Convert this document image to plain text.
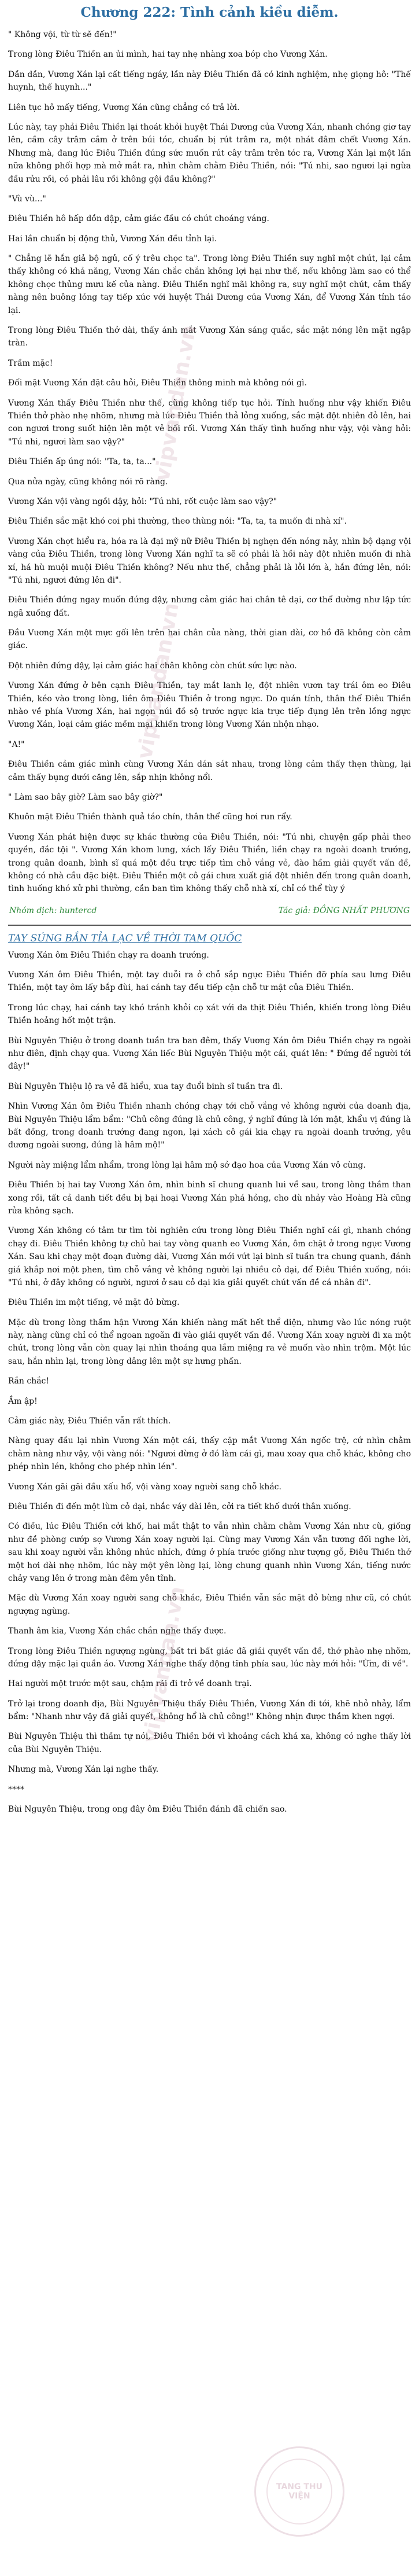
vipvandan.vn
vipvandan.vn
vipvandan.vn
TANG THU VIỆN
Chương 222: Tình cảnh kiều diễm.

" Không vội, từ từ sẽ đến!"

Trong lòng Điêu Thiền an ủi mình, hai tay nhẹ nhàng xoa bóp cho Vương Xán.

Dần dần, Vương Xán lại cất tiếng ngáy, lần này Điêu Thiền đã có kinh nghiệm, nhẹ giọng hô: "Thế huynh, thế huynh..."

Liên tục hô mấy tiếng, Vương Xán cũng chẳng có trả lời.

Lúc này, tay phải Điêu Thiền lại thoát khỏi huyệt Thái Dương của Vương Xán, nhanh chóng giơ tay lên, cầm cây trâm cắm ở trên búi tóc, chuẩn bị rút trâm ra, một nhát đâm chết Vương Xán. Nhưng mà, đang lúc Điêu Thiền đúng sức muốn rút cây trâm trên tóc ra, Vương Xán lại một lần nữa không phối hợp mà mở mắt ra, nhìn chằm chằm Điêu Thiền, nói: "Tú nhi, sao ngươi lại ngừa đầu rửu rồi, có phải lâu rồi không gội đầu không?"

"Vù vù..."

Điêu Thiền hô hấp dồn dập, cảm giác đầu có chút choáng váng.

Hai lần chuẩn bị động thủ, Vương Xán đều tỉnh lại.

" Chẳng lẽ hắn giả bộ ngủ, cố ý trêu chọc ta". Trong lòng Điêu Thiền suy nghĩ một chút, lại cảm thấy không có khả năng, Vương Xán chắc chắn không lợi hại như thế, nếu không làm sao có thể không chọc thủng mưu kế của nàng. Điêu Thiền nghĩ mãi không ra, suy nghĩ một chút, cảm thấy nàng nên buông lỏng tay tiếp xúc với huyệt Thái Dương của Vương Xán, để Vương Xán tỉnh táo lại.

Trong lòng Điêu Thiền thở dài, thấy ánh mắt Vương Xán sáng quắc, sắc mặt nóng lên mặt ngập tràn.

Trầm mặc!

Đối mặt Vương Xán đặt câu hỏi, Điêu Thiền thông minh mà không nói gì.

Vương Xán thấy Điêu Thiền như thế, cũng không tiếp tục hỏi. Tính huống như vậy khiến Điêu Thiền thở phào nhẹ nhõm, nhưng mà lúc Điêu Thiền thả lỏng xuống, sắc mặt đột nhiên đỏ lên, hai con ngươi trong suốt hiện lên một vẻ bối rối. Vương Xán thấy tình huống như vậy, vội vàng hỏi: "Tú nhi, ngươi làm sao vậy?"

Điêu Thiền ấp úng nói: "Ta, ta, ta..."

Qua nửa ngày, cũng không nói rõ ràng.

Vương Xán vội vàng ngồi dậy, hỏi: "Tú nhi, rốt cuộc làm sao vậy?"

Điêu Thiền sắc mặt khó coi phi thường, theo thùng nói: "Ta, ta, ta muốn đi nhà xí".

Vương Xán chợt hiểu ra, hóa ra là đại mỹ nữ Điêu Thiền bị nghẹn đến nóng nảy, nhìn bộ dạng vội vàng của Điêu Thiền, trong lòng Vương Xán nghĩ ta sẽ có phải là hồi này đột nhiên muốn đi nhà xí, há hù muội muội Điêu Thiền không? Nếu như thế, chẳng phải là lỗi lớn à, hắn đứng lên, nói: "Tú nhi, ngươi đứng lên đi".

Điêu Thiền đứng ngay muốn đứng dậy, nhưng cảm giác hai chân tê dại, cơ thể dường như lập tức ngã xuống đất.

Đầu Vương Xán một mực gối lên trên hai chân của nàng, thời gian dài, cơ hồ đã không còn cảm giác.

Đột nhiên đứng dậy, lại cảm giác hai chân không còn chút sức lực nào.

Vương Xán đứng ở bên cạnh Điêu Thiền, tay mắt lanh lẹ, đột nhiên vươn tay trái ôm eo Điêu Thiền, kéo vào trong lòng, liền ôm Điêu Thiền ở trong ngực. Do quán tính, thân thể Điêu Thiền nhào về phía Vương Xán, hai ngọn núi đồ sộ trước ngực kia trực tiếp đụng lên trên lồng ngực Vương Xán, loại cảm giác mềm mại khiến trong lòng Vương Xán nhộn nhạo.

"A!"

Điêu Thiền cảm giác mình cùng Vương Xán dán sát nhau, trong lòng cảm thấy thẹn thùng, lại cảm thấy bụng dưới căng lên, sắp nhịn không nổi.

" Làm sao bây giờ? Làm sao bây giờ?"

Khuôn mặt Điêu Thiền thành quả táo chín, thân thể cũng hơi run rẩy.

Vương Xán phát hiện được sự khác thường của Điêu Thiền, nói: "Tú nhi, chuyện gấp phải theo quyền, đắc tội ". Vương Xán khom lưng, xách lấy Điêu Thiền, liền chạy ra ngoài doanh trướng, trong quân doanh, bình sĩ quá một đều trực tiếp tìm chỗ vắng vẻ, đào hầm giải quyết vấn đề, không có nhà cầu đặc biệt. Điêu Thiền một cô gái chưa xuất giá đột nhiên đến trong quân doanh, tình huống khó xử phi thường, cần ban tìm không thấy chỗ nhà xí, chỉ có thể tùy ý

Nhóm dịch: huntercd	Tác giả: ĐỒNG NHẤT PHƯƠNG
TAY SÚNG BẮN TỈA LẠC VỀ THỜI TAM QUỐC

Vương Xán ôm Điêu Thiền chạy ra doanh trướng.

Vương Xán ôm Điêu Thiền, một tay duỗi ra ở chỗ sắp ngực Điêu Thiền đỡ phía sau lưng Điêu Thiền, một tay ôm lấy bắp đùi, hai cánh tay đều tiếp cận chỗ tư mật của Điêu Thiền.

Trong lúc chạy, hai cánh tay khó tránh khỏi cọ xát với da thịt Điêu Thiền, khiến trong lòng Điêu Thiền hoảng hốt một trận.

Bùi Nguyên Thiệu ở trong doanh tuần tra ban đêm, thấy Vương Xán ôm Điêu Thiền chạy ra ngoài như điên, định chạy qua. Vương Xán liếc Bùi Nguyên Thiệu một cái, quát lên: " Đứng để người tới đây!"

Bùi Nguyên Thiệu lộ ra vẻ đã hiểu, xua tay đuổi binh sĩ tuần tra đi.

Nhìn Vương Xán ôm Điêu Thiền nhanh chóng chạy tới chỗ vắng vẻ không người của doanh địa, Bùi Nguyên Thiệu lẩm bẩm: "Chủ công đúng là chủ công, ý nghĩ đúng là lớn mật, khẩu vị đúng là bất đồng, trong doanh trướng đang ngon, lại xách cô gái kia chạy ra ngoài doanh trướng, yêu đương ngoài sương, đúng là hâm mộ!"

Người này miệng lẩm nhẩm, trong lòng lại hâm mộ sở đạo hoa của Vương Xán vô cùng.

Điêu Thiền bị hai tay Vương Xán ôm, nhìn binh sĩ chung quanh lui về sau, trong lòng thầm than xong rồi, tất cả danh tiết đều bị bại hoại Vương Xán phá hỏng, cho dù nhảy vào Hoàng Hà cũng rửa không sạch.

Vương Xán không có tâm tư tìm tòi nghiên cứu trong lòng Điêu Thiền nghĩ cái gì, nhanh chóng chạy đi. Điêu Thiền không tự chủ hai tay vòng quanh eo Vương Xán, ôm chặt ở trong ngực Vương Xán. Sau khi chạy một đoạn đường dài, Vương Xán mới vứt lại binh sĩ tuần tra chung quanh, đánh giá khắp nơi một phen, tìm chỗ vắng vẻ không người lại nhiều cỏ dại, để Điêu Thiền xuống, nói: "Tú nhi, ở đây không có người, ngươi ở sau cỏ dại kia giải quyết chút vấn đề cá nhân đi".

Điêu Thiền im một tiếng, vẻ mặt đỏ bừng.

Mặc dù trong lòng thầm hận Vương Xán khiến nàng mất hết thể diện, nhưng vào lúc nóng ruột này, nàng cũng chỉ có thể ngoan ngoãn đi vào giải quyết vấn đề. Vương Xán xoay người đi xa một chút, trong lòng vẫn còn quay lại nhìn thoáng qua lắm miệng ra vẻ muốn vào nhìn trộm. Một lúc sau, hắn nhìn lại, trong lòng dâng lên một sự hưng phấn.

Rắn chắc!

Ầm ập!

Cảm giác này, Điêu Thiền vẫn rất thích.

Nàng quay đầu lại nhìn Vương Xán một cái, thấy cặp mắt Vương Xán ngốc trệ, cứ nhìn chằm chằm nàng như vậy, vội vàng nói: "Ngươi đừng ở đó làm cái gì, mau xoay qua chỗ khác, không cho phép nhìn lén, không cho phép nhìn lén".

Vương Xán gãi gãi đầu xấu hổ, vội vàng xoay người sang chỗ khác.

Điêu Thiền đi đến một lùm cỏ dại, nhắc váy dài lên, cởi ra tiết khố dưới thân xuống.

Có điều, lúc Điêu Thiền cởi khố, hai mắt thật to vẫn nhìn chằm chằm Vương Xán như cũ, giống như đề phòng cướp sợ Vương Xán xoay người lại. Cùng may Vương Xán vẫn tương đối nghe lời, sau khi xoay người vẫn không nhúc nhích, đứng ở phía trước giống như tượng gỗ, Điêu Thiền thở một hơi dài nhẹ nhõm, lúc này một yên lòng lại, lòng chung quanh nhìn Vương Xán, tiếng nước chảy vang lên ở trong màn đêm yên tĩnh.

Mặc dù Vương Xán xoay người sang chỗ khác, Điêu Thiền vẫn sắc mặt đỏ bừng như cũ, có chút ngượng ngùng.

Thanh âm kia, Vương Xán chắc chắn nghe thấy được.

Trong lòng Điêu Thiền ngượng ngùng, bất tri bất giác đã giải quyết vấn đề, thở phào nhẹ nhõm, đứng dậy mặc lại quần áo. Vương Xán nghe thấy động tĩnh phía sau, lúc này mới hỏi: "Ừm, đi về".

Hai người một trước một sau, chậm rãi đi trở về doanh trại.

Trở lại trong doanh địa, Bùi Nguyên Thiệu thấy Điêu Thiền, Vương Xán đi tới, khẽ nhỏ nhảy, lẩm bẩm: "Nhanh như vậy đã giải quyết, không hổ là chủ công!" Không nhịn được thầm khen ngợi.

Bùi Nguyên Thiệu thì thầm tự nói, Điêu Thiền bởi vì khoảng cách khá xa, không có nghe thấy lời của Bùi Nguyên Thiệu.

Nhưng mà, Vương Xán lại nghe thấy.

****

Bùi Nguyên Thiệu, trong ong đây ôm Điêu Thiền đánh đã chiến sao.
